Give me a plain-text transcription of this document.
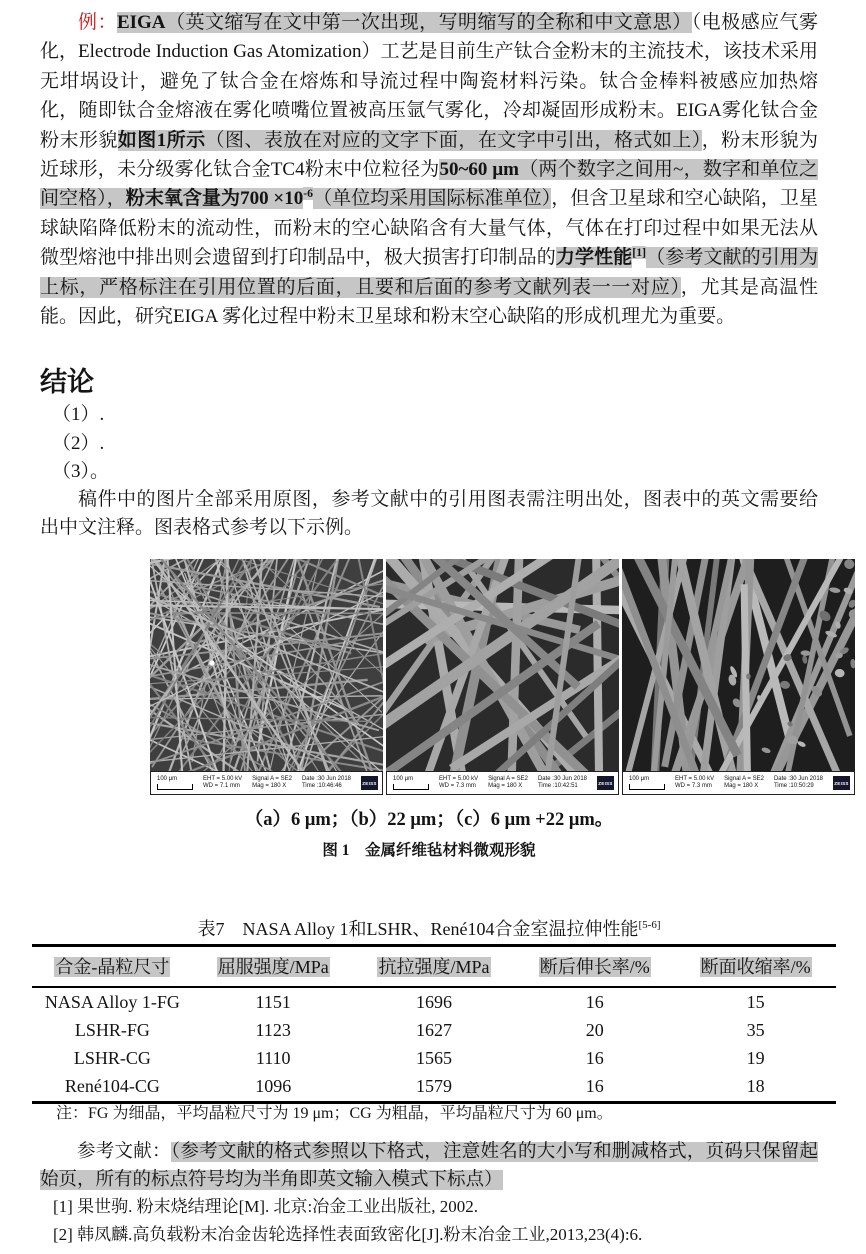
例：EIGA（英文缩写在文中第一次出现，写明缩写的全称和中文意思）（电极感应气雾化，Electrode Induction Gas Atomization）工艺是目前生产钛合金粉末的主流技术，该技术采用无坩埚设计，避免了钛合金在熔炼和导流过程中陶瓷材料污染。钛合金棒料被感应加热熔化，随即钛合金熔液在雾化喷嘴位置被高压氩气雾化，冷却凝固形成粉末。EIGA雾化钛合金粉末形貌如图1所示（图、表放在对应的文字下面，在文字中引出，格式如上），粉末形貌为近球形，未分级雾化钛合金TC4粉末中位粒径为50~60 μm（两个数字之间用~，数字和单位之间空格），粉末氧含量为$700 \times 10^{-6}$（单位均采用国际标准单位），但含卫星球和空心缺陷，卫星球缺陷降低粉末的流动性，而粉末的空心缺陷含有大量气体，气体在打印过程中如果无法从微型熔池中排出则会遗留到打印制品中，极大损害打印制品的力学性能[1]（参考文献的引用为上标，严格标注在引用位置的后面，且要和后面的参考文献列表一一对应），尤其是高温性能。因此，研究EIGA 雾化过程中粉末卫星球和粉末空心缺陷的形成机理尤为重要。
结论
（1）.
（2）.
（3）。
稿件中的图片全部采用原图，参考文献中的引用图表需注明出处，图表中的英文需要给出中文注释。图表格式参考以下示例。
100 μm	EHT = 5.00 kV
WD = 7.1 mm
Signal A = SE2
Mag = 180 X
Date :30 Jun 2018
Time :10:46:46	ZEISS
100 μm	EHT = 5.00 kV
WD = 7.3 mm
Signal A = SE2
Mag = 180 X
Date :30 Jun 2018
Time :10:42:51	ZEISS
100 μm	EHT = 5.00 kV
WD = 7.3 mm
Signal A = SE2
Mag = 180 X
Date :30 Jun 2018
Time :10:50:29	ZEISS
（a）6 μm；（b）22 μm；（c）6 μm +22 μm。
图 1　金属纤维毡材料微观形貌
表7　NASA Alloy 1和LSHR、René104合金室温拉伸性能[5-6]
合金-晶粒尺寸	屈服强度/MPa	抗拉强度/MPa	断后伸长率/%	断面收缩率/%
NASA Alloy 1-FG	1151	1696	16	15
LSHR-FG	1123	1627	20	35
LSHR-CG	1110	1565	16	19
René104-CG	1096	1579	16	18
注：FG 为细晶，平均晶粒尺寸为 19 μm；CG 为粗晶，平均晶粒尺寸为 60 μm。
参考文献：（参考文献的格式参照以下格式，注意姓名的大小写和删减格式，页码只保留起始页，所有的标点符号均为半角即英文输入模式下标点）
[1] 果世驹. 粉末烧结理论[M]. 北京:冶金工业出版社, 2002.
[2] 韩凤麟.高负载粉末冶金齿轮选择性表面致密化[J].粉末冶金工业,2013,23(4):6.
